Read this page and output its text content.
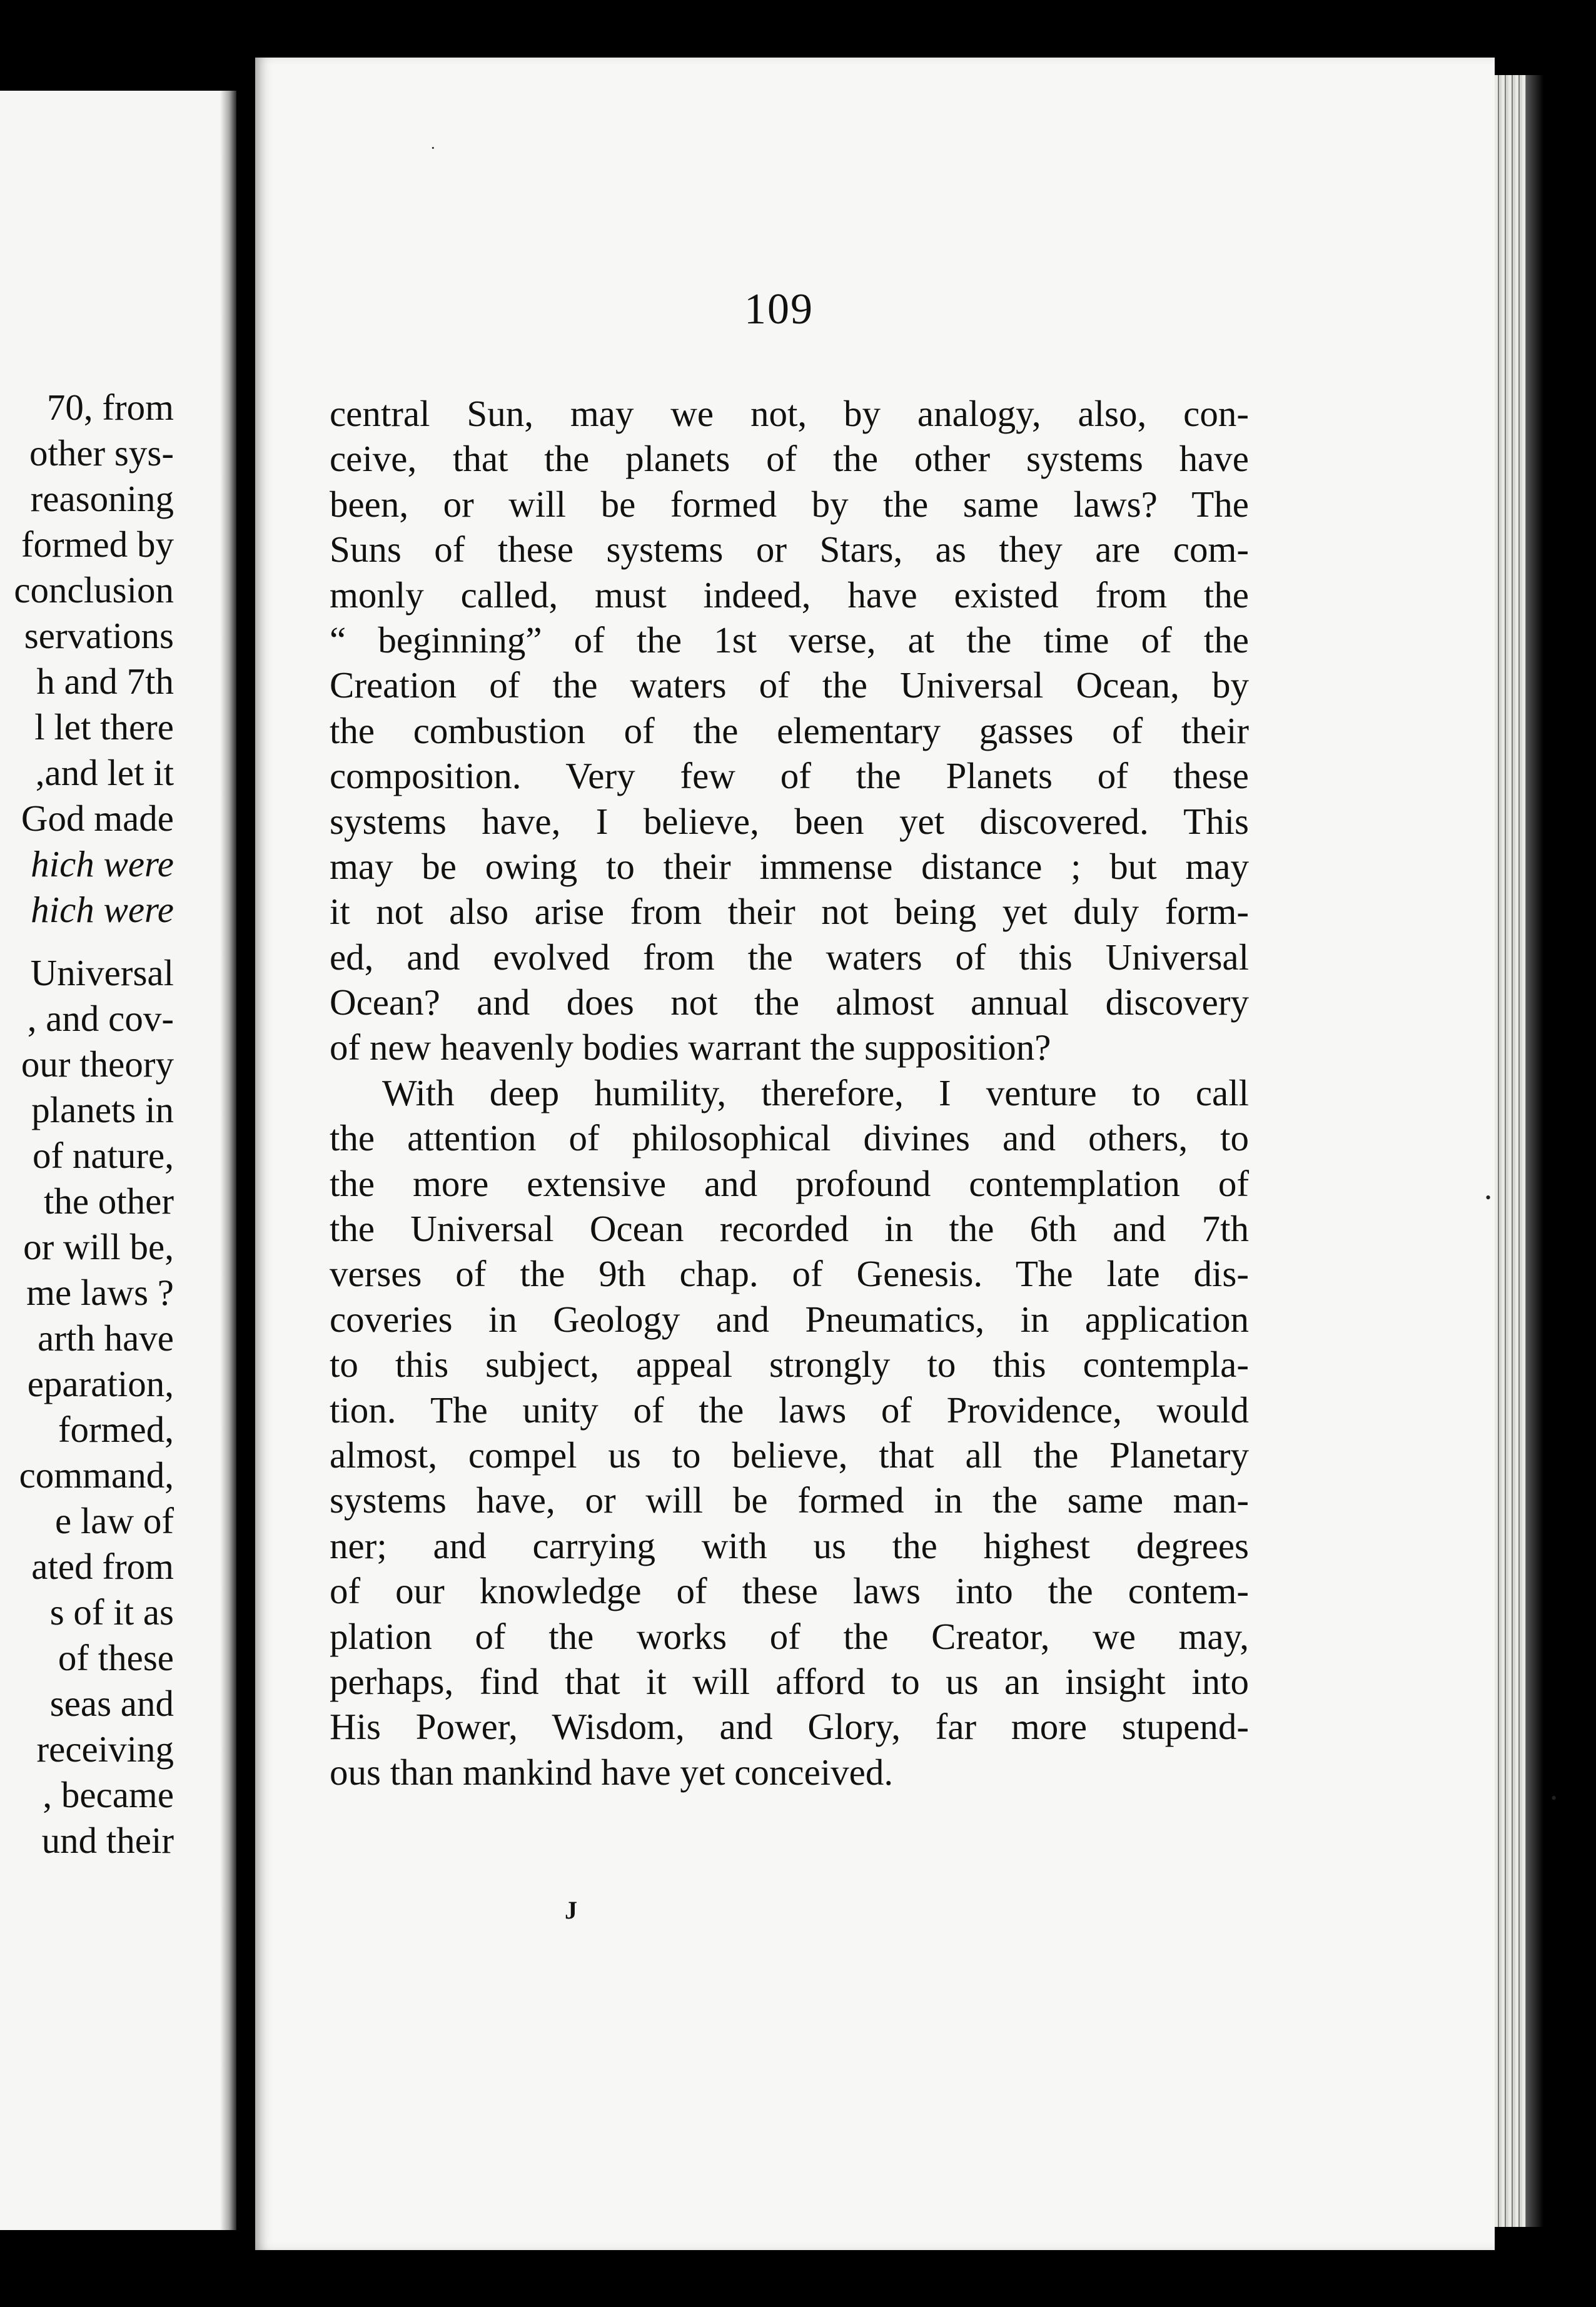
70, from
other sys-
reasoning
formed by
conclusion
servations
h and 7th
l let there
,and let it
God made
hich were
hich were
Universal
, and cov-
our theory
planets in
of nature,
the other
or will be,
me laws ?
arth have
eparation,
formed,
command,
e law of
ated from
s of it as
of these
seas and
receiving
, became
und their
109
central Sun, may we not, by analogy, also, con-
ceive, that the planets of the other systems have
been, or will be formed by the same laws? The
Suns of these systems or Stars, as they are com-
monly called, must indeed, have existed from the
“ beginning” of the 1st verse, at the time of the
Creation of the waters of the Universal Ocean, by
the combustion of the elementary gasses of their
composition. Very few of the Planets of these
systems have, I believe, been yet discovered. This
may be owing to their immense distance ; but may
it not also arise from their not being yet duly form-
ed, and evolved from the waters of this Universal
Ocean? and does not the almost annual discovery
of new heavenly bodies warrant the supposition?
With deep humility, therefore, I venture to call
the attention of philosophical divines and others, to
the more extensive and profound contemplation of
the Universal Ocean recorded in the 6th and 7th
verses of the 9th chap. of Genesis. The late dis-
coveries in Geology and Pneumatics, in application
to this subject, appeal strongly to this contempla-
tion. The unity of the laws of Providence, would
almost, compel us to believe, that all the Planetary
systems have, or will be formed in the same man-
ner; and carrying with us the highest degrees
of our knowledge of these laws into the contem-
plation of the works of the Creator, we may,
perhaps, find that it will afford to us an insight into
His Power, Wisdom, and Glory, far more stupend-
ous than mankind have yet conceived.
J
·
•
•
